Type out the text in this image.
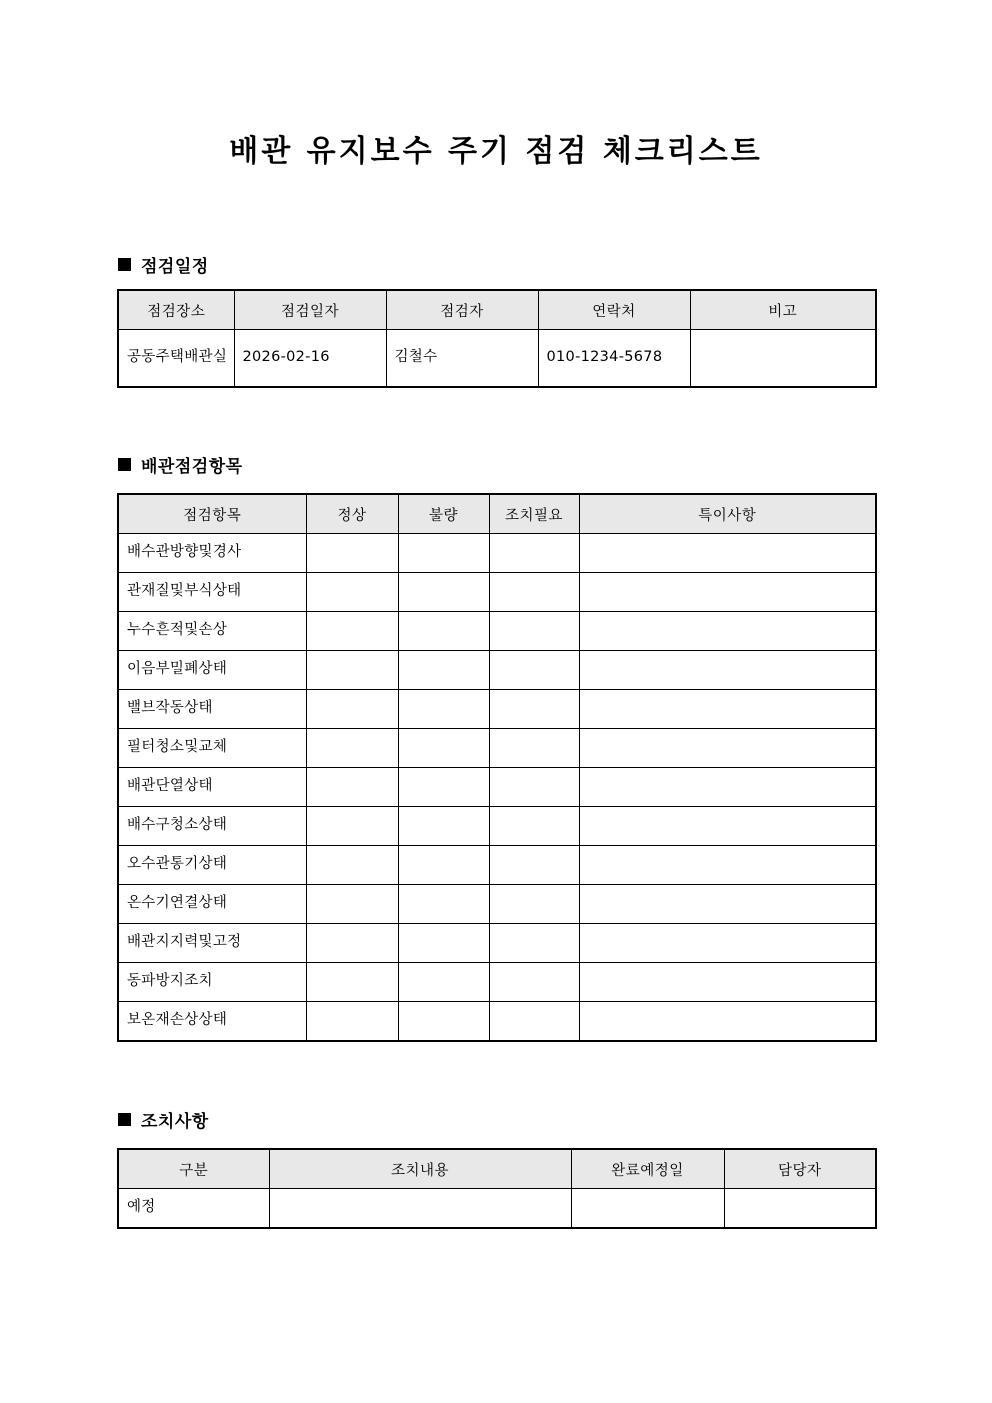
배관 유지보수 주기 점검 체크리스트
점검일정
점검장소	점검일자	점검자	연락처	비고
공동주택배관실	2026-02-16	김철수	010-1234-5678	
배관점검항목
점검항목	정상	불량	조치필요	특이사항
배수관방향및경사				
관재질및부식상태				
누수흔적및손상				
이음부밀폐상태				
밸브작동상태				
필터청소및교체				
배관단열상태				
배수구청소상태				
오수관통기상태				
온수기연결상태				
배관지지력및고정				
동파방지조치				
보온재손상상태				
조치사항
구분	조치내용	완료예정일	담당자
예정			
